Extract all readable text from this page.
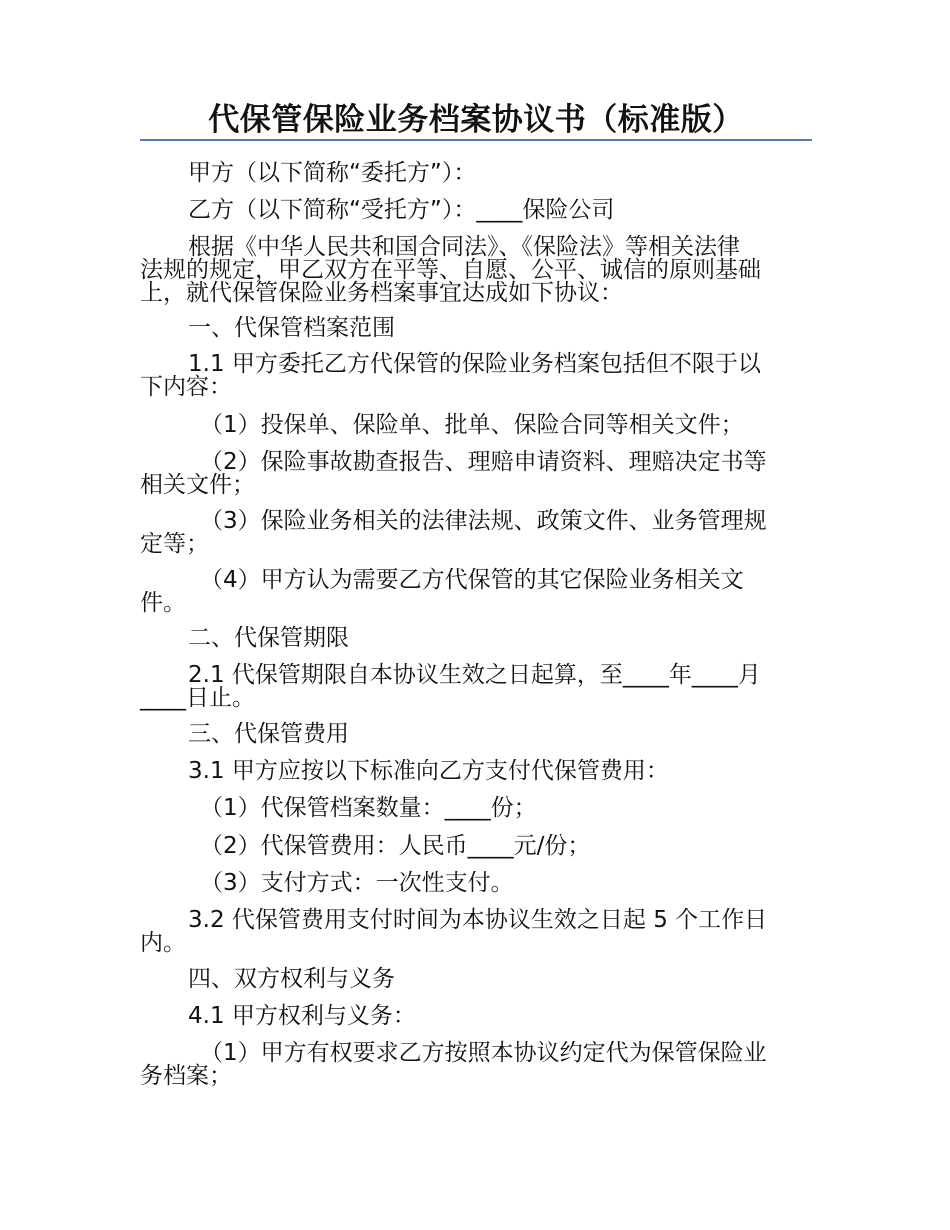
代保管保险业务档案协议书（标准版）
甲方（以下简称“委托方”）：
乙方（以下简称“受托方”）：____保险公司
根据《中华人民共和国合同法》、《保险法》等相关法律
法规的规定，甲乙双方在平等、自愿、公平、诚信的原则基础
上，就代保管保险业务档案事宜达成如下协议：
一、代保管档案范围
1.1 甲方委托乙方代保管的保险业务档案包括但不限于以
下内容：
（1）投保单、保险单、批单、保险合同等相关文件；
（2）保险事故勘查报告、理赔申请资料、理赔决定书等
相关文件；
（3）保险业务相关的法律法规、政策文件、业务管理规
定等；
（4）甲方认为需要乙方代保管的其它保险业务相关文
件。
二、代保管期限
2.1 代保管期限自本协议生效之日起算，至____年____月
____日止。
三、代保管费用
3.1 甲方应按以下标准向乙方支付代保管费用：
（1）代保管档案数量：____份；
（2）代保管费用：人民币____元/份；
（3）支付方式：一次性支付。
3.2 代保管费用支付时间为本协议生效之日起 5 个工作日
内。
四、双方权利与义务
4.1 甲方权利与义务：
（1）甲方有权要求乙方按照本协议约定代为保管保险业
务档案；
